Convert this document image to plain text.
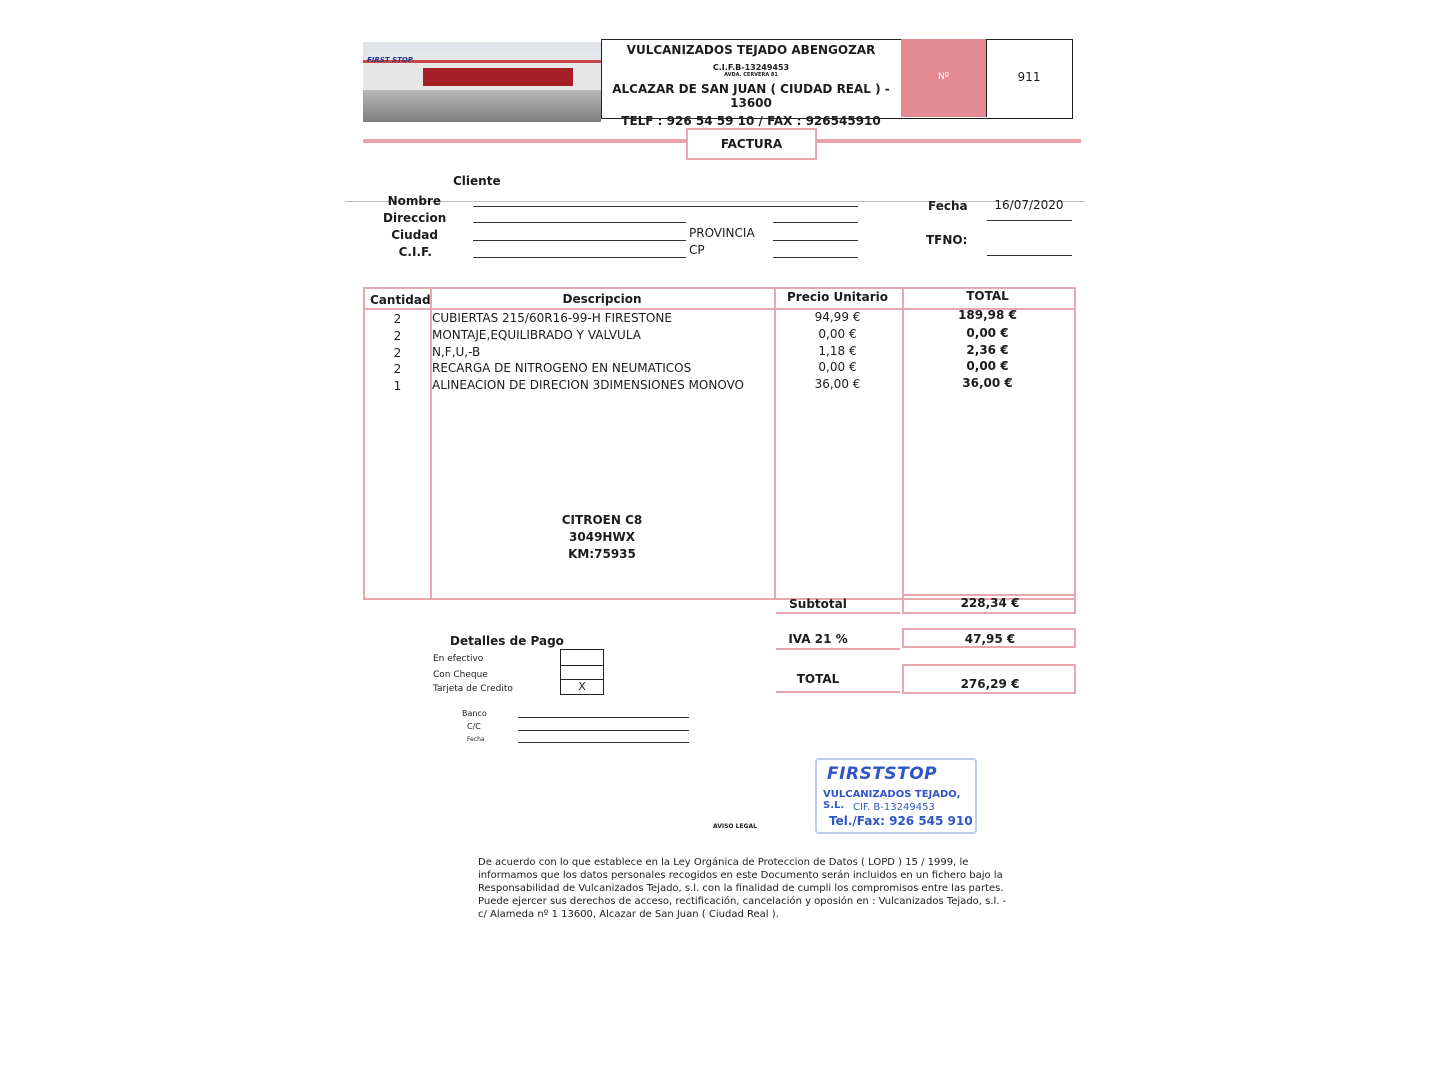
FIRST STOP
VULCANIZADOS TEJADO ABENGOZAR
C.I.F.B-13249453
AVDA. CERVERA 81
ALCAZAR DE SAN JUAN ( CIUDAD REAL ) - 13600
TELF : 926 54 59 10 / FAX : 926545910
Nº	911
FACTURA
Cliente
Nombre
Direccion
Ciudad
C.I.F.
PROVINCIA
CP
Fecha	16/07/2020
TFNO:
Cantidad	Descripcion	Precio Unitario	TOTAL
2	CUBIERTAS 215/60R16-99-H FIRESTONE	94,99 €	189,98 €
2	MONTAJE,EQUILIBRADO Y VALVULA	0,00 €	0,00 €
2	N,F,U,-B	1,18 €	2,36 €
2	RECARGA DE NITROGENO EN NEUMATICOS	0,00 €	0,00 €
1	ALINEACION DE DIRECION 3DIMENSIONES MONOVO	36,00 €	36,00 €
CITROEN C8
3049HWX
KM:75935
Subtotal	228,34 €
IVA 21 %	47,95 €
TOTAL	276,29 €
Detalles de Pago
En efectivo
Con Cheque
Tarjeta de Credito	X
Banco
C/C
Fecha
FIRSTSTOP
VULCANIZADOS TEJADO, S.L. CIF. B-13249453
Tel./Fax: 926 545 910
AVISO LEGAL
De acuerdo con lo que establece en la Ley Orgánica de Proteccion de Datos ( LOPD ) 15 / 1999, le informamos que los datos personales recogidos en este Documento serán incluidos en un fichero bajo la Responsabilidad de Vulcanizados Tejado, s.l. con la finalidad de cumpli los compromisos entre las partes. Puede ejercer sus derechos de acceso, rectificación, cancelación y oposión en : Vulcanizados Tejado, s.l. - c/ Alameda nº 1 13600, Alcazar de San Juan ( Ciudad Real ).
